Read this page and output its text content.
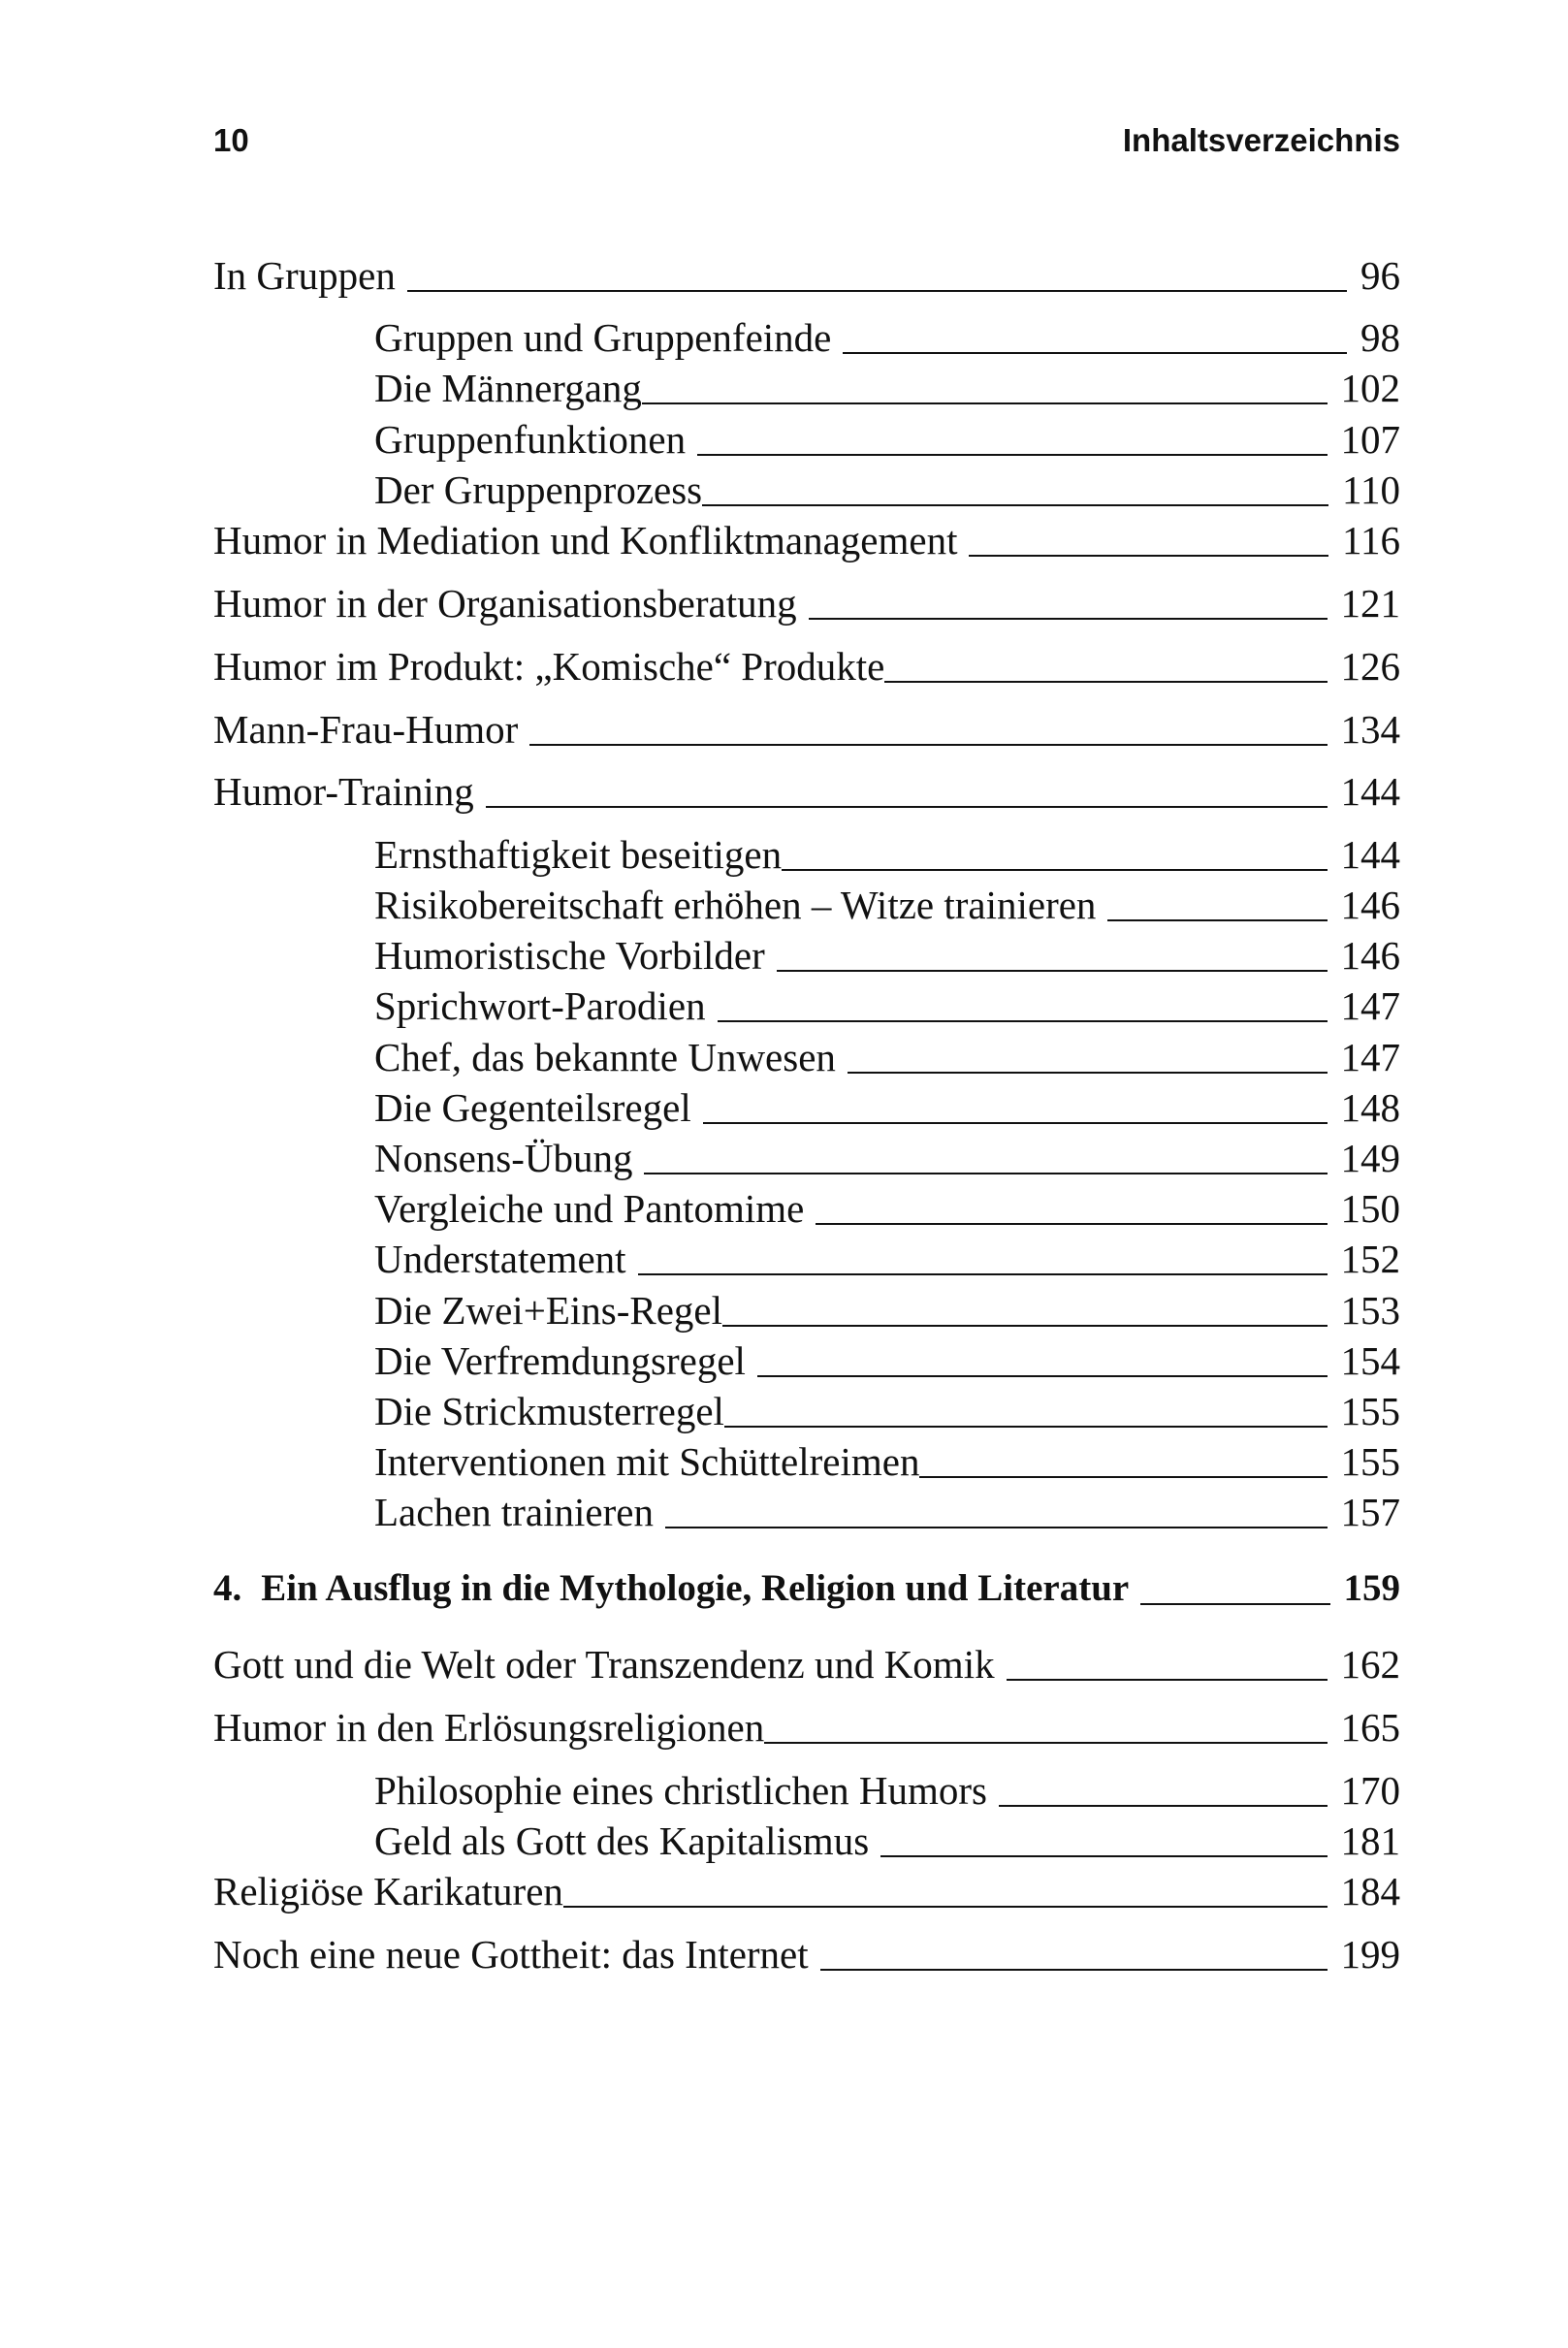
10	Inhaltsverzeichnis
In Gruppen	96
Gruppen und Gruppenfeinde	98
Die Männergang	102
Gruppenfunktionen	107
Der Gruppenprozess	110
Humor in Mediation und Konfliktmanagement	116
Humor in der Organisationsberatung	121
Humor im Produkt: „Komische“ Produkte	126
Mann-Frau-Humor	134
Humor-Training	144
Ernsthaftigkeit beseitigen	144
Risikobereitschaft erhöhen – Witze trainieren	146
Humoristische Vorbilder	146
Sprichwort-Parodien	147
Chef, das bekannte Unwesen	147
Die Gegenteilsregel	148
Nonsens-Übung	149
Vergleiche und Pantomime	150
Understatement	152
Die Zwei+Eins-Regel	153
Die Verfremdungsregel	154
Die Strickmusterregel	155
Interventionen mit Schüttelreimen	155
Lachen trainieren	157
4. Ein Ausflug in die Mythologie, Religion und Literatur	159
Gott und die Welt oder Transzendenz und Komik	162
Humor in den Erlösungsreligionen	165
Philosophie eines christlichen Humors	170
Geld als Gott des Kapitalismus	181
Religiöse Karikaturen	184
Noch eine neue Gottheit: das Internet	199
